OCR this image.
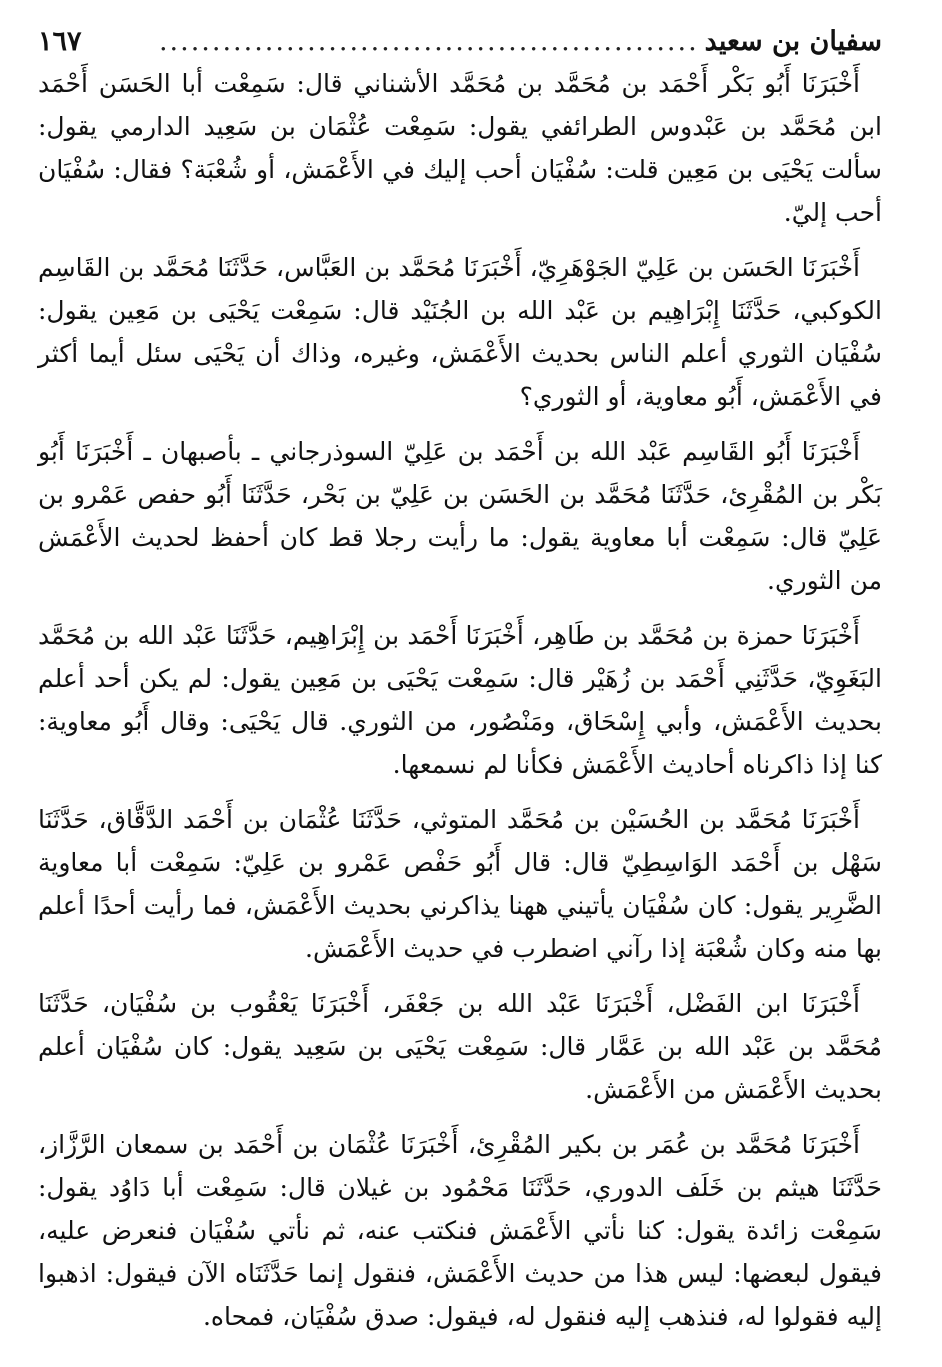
سفيان بن سعيد
...................................................
١٦٧

أَخْبَرَنَا أَبُو بَكْر أَحْمَد بن مُحَمَّد بن مُحَمَّد الأشناني قال: سَمِعْت أبا الحَسَن أَحْمَد ابن مُحَمَّد بن عَبْدوس الطرائفي يقول: سَمِعْت عُثْمَان بن سَعِيد الدارمي يقول: سألت يَحْيَى بن مَعِين قلت: سُفْيَان أحب إليك في الأَعْمَش، أو شُعْبَة؟ فقال: سُفْيَان أحب إليّ.

أَخْبَرَنَا الحَسَن بن عَلِيّ الجَوْهَرِيّ، أَخْبَرَنَا مُحَمَّد بن العَبَّاس، حَدَّثَنَا مُحَمَّد بن القَاسِم الكوكبي، حَدَّثَنَا إِبْرَاهِيم بن عَبْد الله بن الجُنَيْد قال: سَمِعْت يَحْيَى بن مَعِين يقول: سُفْيَان الثوري أعلم الناس بحديث الأَعْمَش، وغيره، وذاك أن يَحْيَى سئل أيما أكثر في الأَعْمَش، أَبُو معاوية، أو الثوري؟

أَخْبَرَنَا أَبُو القَاسِم عَبْد الله بن أَحْمَد بن عَلِيّ السوذرجاني ـ بأصبهان ـ أَخْبَرَنَا أَبُو بَكْر بن المُقْرِئ، حَدَّثَنَا مُحَمَّد بن الحَسَن بن عَلِيّ بن بَحْر، حَدَّثَنَا أَبُو حفص عَمْرو بن عَلِيّ قال: سَمِعْت أبا معاوية يقول: ما رأيت رجلا قط كان أحفظ لحديث الأَعْمَش من الثوري.

أَخْبَرَنَا حمزة بن مُحَمَّد بن طَاهِر، أَخْبَرَنَا أَحْمَد بن إِبْرَاهِيم، حَدَّثَنَا عَبْد الله بن مُحَمَّد البَغَوِيّ، حَدَّثَنِي أَحْمَد بن زُهَيْر قال: سَمِعْت يَحْيَى بن مَعِين يقول: لم يكن أحد أعلم بحديث الأَعْمَش، وأبي إِسْحَاق، ومَنْصُور، من الثوري. قال يَحْيَى: وقال أَبُو معاوية: كنا إذا ذاكرناه أحاديث الأَعْمَش فكأنا لم نسمعها.

أَخْبَرَنَا مُحَمَّد بن الحُسَيْن بن مُحَمَّد المتوثي، حَدَّثَنَا عُثْمَان بن أَحْمَد الدَّقَّاق، حَدَّثَنَا سَهْل بن أَحْمَد الوَاسِطِيّ قال: قال أَبُو حَفْص عَمْرو بن عَلِيّ: سَمِعْت أبا معاوية الضَّرِير يقول: كان سُفْيَان يأتيني ههنا يذاكرني بحديث الأَعْمَش، فما رأيت أحدًا أعلم بها منه وكان شُعْبَة إذا رآني اضطرب في حديث الأَعْمَش.

أَخْبَرَنَا ابن الفَضْل، أَخْبَرَنَا عَبْد الله بن جَعْفَر، أَخْبَرَنَا يَعْقُوب بن سُفْيَان، حَدَّثَنَا مُحَمَّد بن عَبْد الله بن عَمَّار قال: سَمِعْت يَحْيَى بن سَعِيد يقول: كان سُفْيَان أعلم بحديث الأَعْمَش من الأَعْمَش.

أَخْبَرَنَا مُحَمَّد بن عُمَر بن بكير المُقْرِئ، أَخْبَرَنَا عُثْمَان بن أَحْمَد بن سمعان الرَّزَّاز، حَدَّثَنَا هيثم بن خَلَف الدوري، حَدَّثَنَا مَحْمُود بن غيلان قال: سَمِعْت أبا دَاوُد يقول: سَمِعْت زائدة يقول: كنا نأتي الأَعْمَش فنكتب عنه، ثم نأتي سُفْيَان فنعرض عليه، فيقول لبعضها: ليس هذا من حديث الأَعْمَش، فنقول إنما حَدَّثَنَاه الآن فيقول: اذهبوا إليه فقولوا له، فنذهب إليه فنقول له، فيقول: صدق سُفْيَان، فمحاه.
